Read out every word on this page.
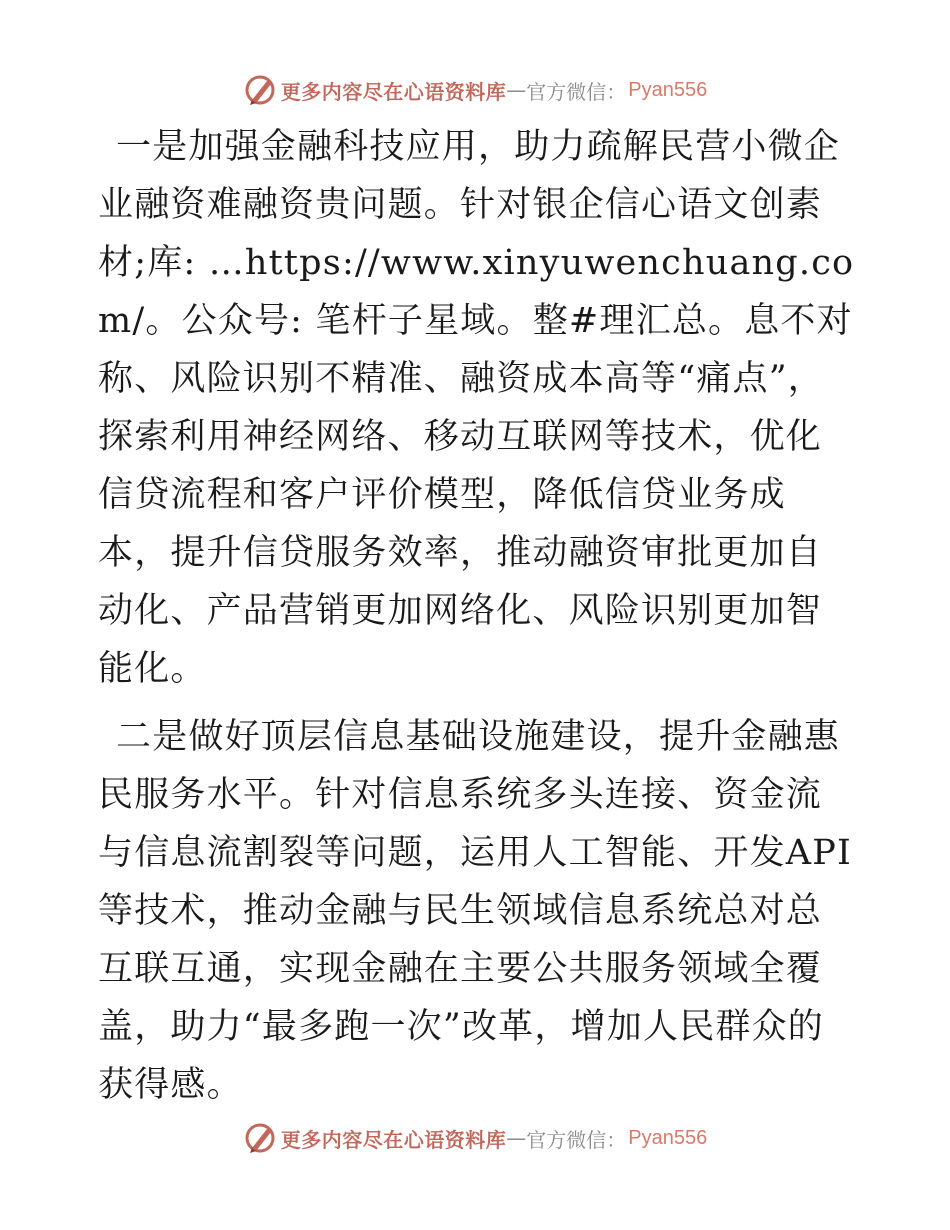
更多内容尽在心语资料库 — 官方微信： Pyan556

一是加强金融科技应用，助力疏解民营小微企业融资难融资贵问题。针对银企信心语文创素材;库: …https://www.xinyuwenchuang.com/。公众号: 笔杆子星域。整#理汇总。息不对称、风险识别不精准、融资成本高等“痛点”，探索利用神经网络、移动互联网等技术，优化信贷流程和客户评价模型，降低信贷业务成本，提升信贷服务效率，推动融资审批更加自动化、产品营销更加网络化、风险识别更加智能化。

二是做好顶层信息基础设施建设，提升金融惠民服务水平。针对信息系统多头连接、资金流与信息流割裂等问题，运用人工智能、开发API等技术，推动金融与民生领域信息系统总对总互联互通，实现金融在主要公共服务领域全覆盖，助力“最多跑一次”改革，增加人民群众的获得感。

更多内容尽在心语资料库 — 官方微信： Pyan556
